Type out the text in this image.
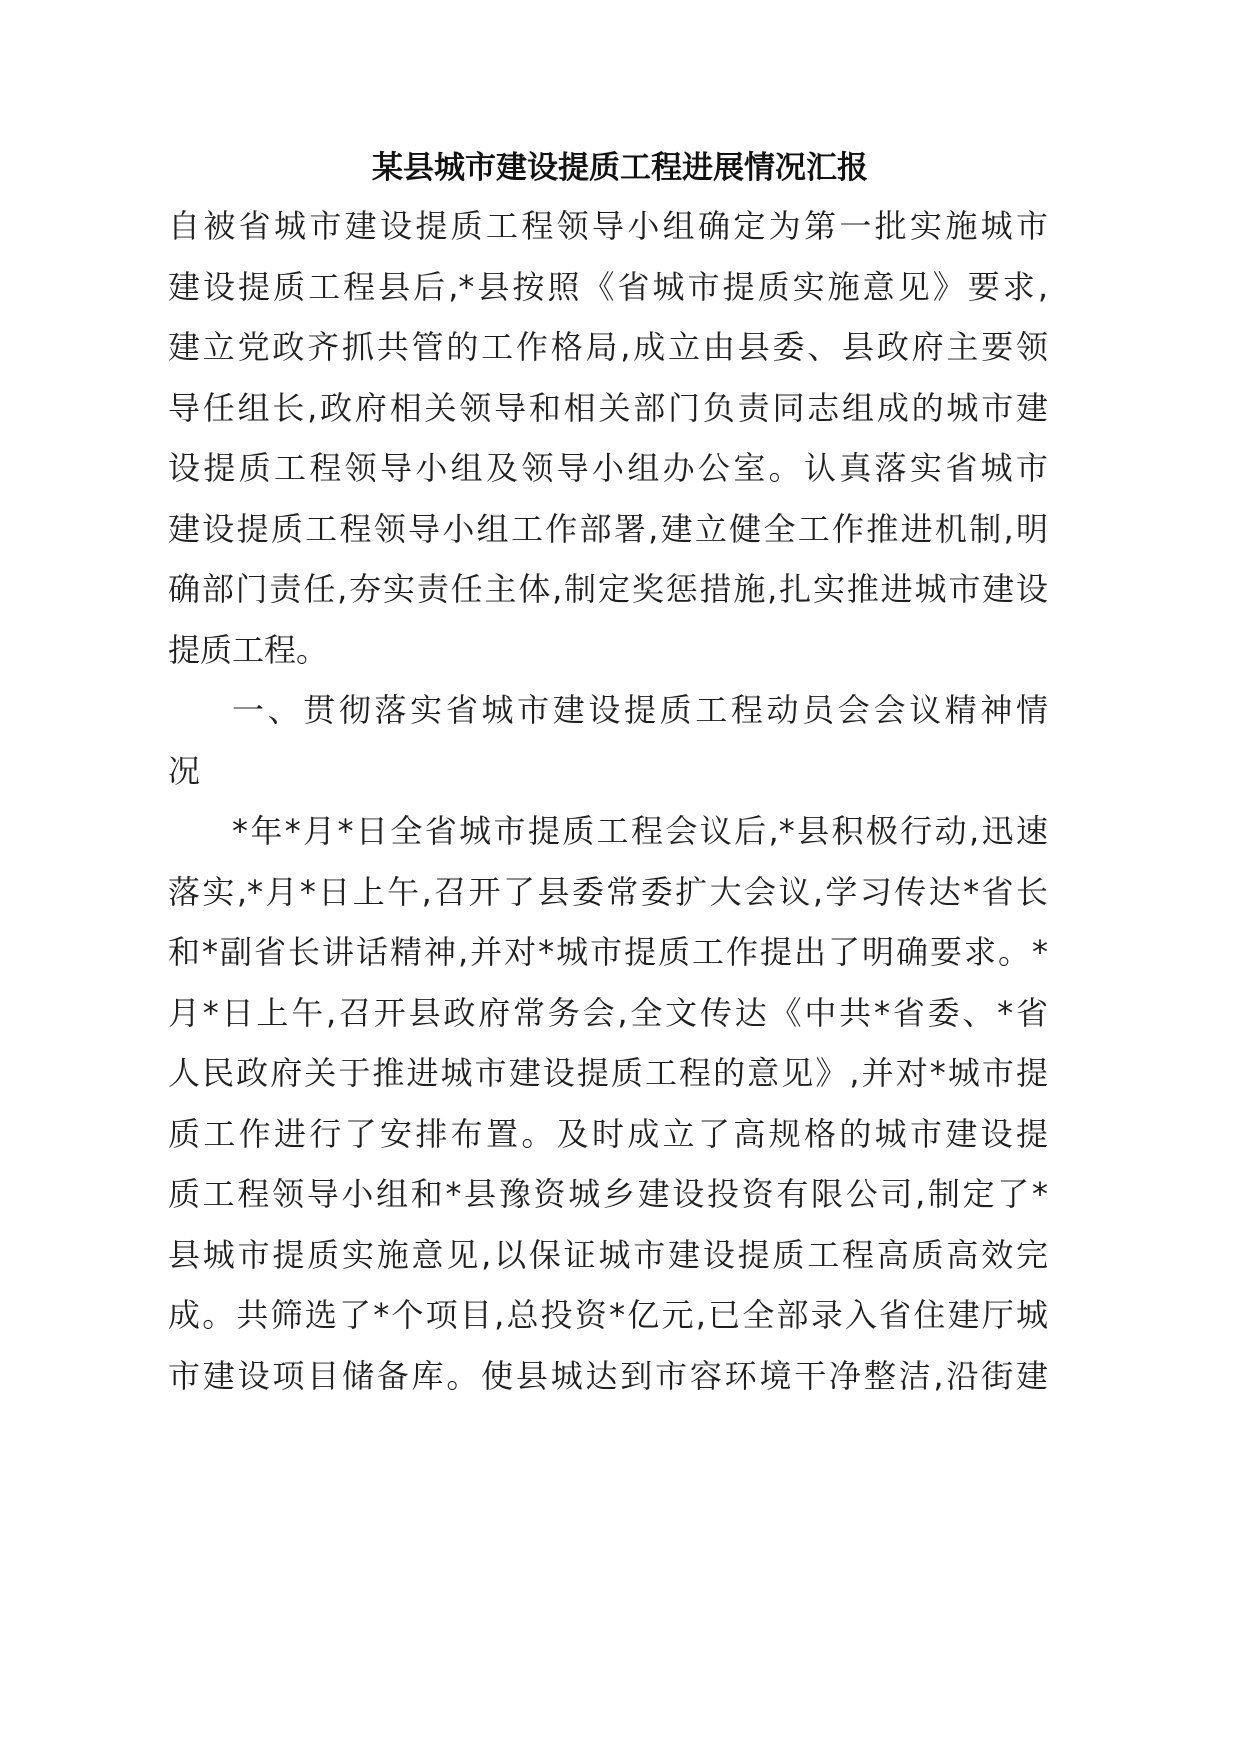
某县城市建设提质工程进展情况汇报
自被省城市建设提质工程领导小组确定为第一批实施城市
建设提质工程县后,*县按照《省城市提质实施意见》要求,
建立党政齐抓共管的工作格局,成立由县委、县政府主要领
导任组长,政府相关领导和相关部门负责同志组成的城市建
设提质工程领导小组及领导小组办公室。认真落实省城市
建设提质工程领导小组工作部署,建立健全工作推进机制,明
确部门责任,夯实责任主体,制定奖惩措施,扎实推进城市建设
提质工程。
一、贯彻落实省城市建设提质工程动员会会议精神情
况
*年*月*日全省城市提质工程会议后,*县积极行动,迅速
落实,*月*日上午,召开了县委常委扩大会议,学习传达*省长
和*副省长讲话精神,并对*城市提质工作提出了明确要求。*
月*日上午,召开县政府常务会,全文传达《中共*省委、*省
人民政府关于推进城市建设提质工程的意见》,并对*城市提
质工作进行了安排布置。及时成立了高规格的城市建设提
质工程领导小组和*县豫资城乡建设投资有限公司,制定了*
县城市提质实施意见,以保证城市建设提质工程高质高效完
成。共筛选了*个项目,总投资*亿元,已全部录入省住建厅城
市建设项目储备库。使县城达到市容环境干净整洁,沿街建
